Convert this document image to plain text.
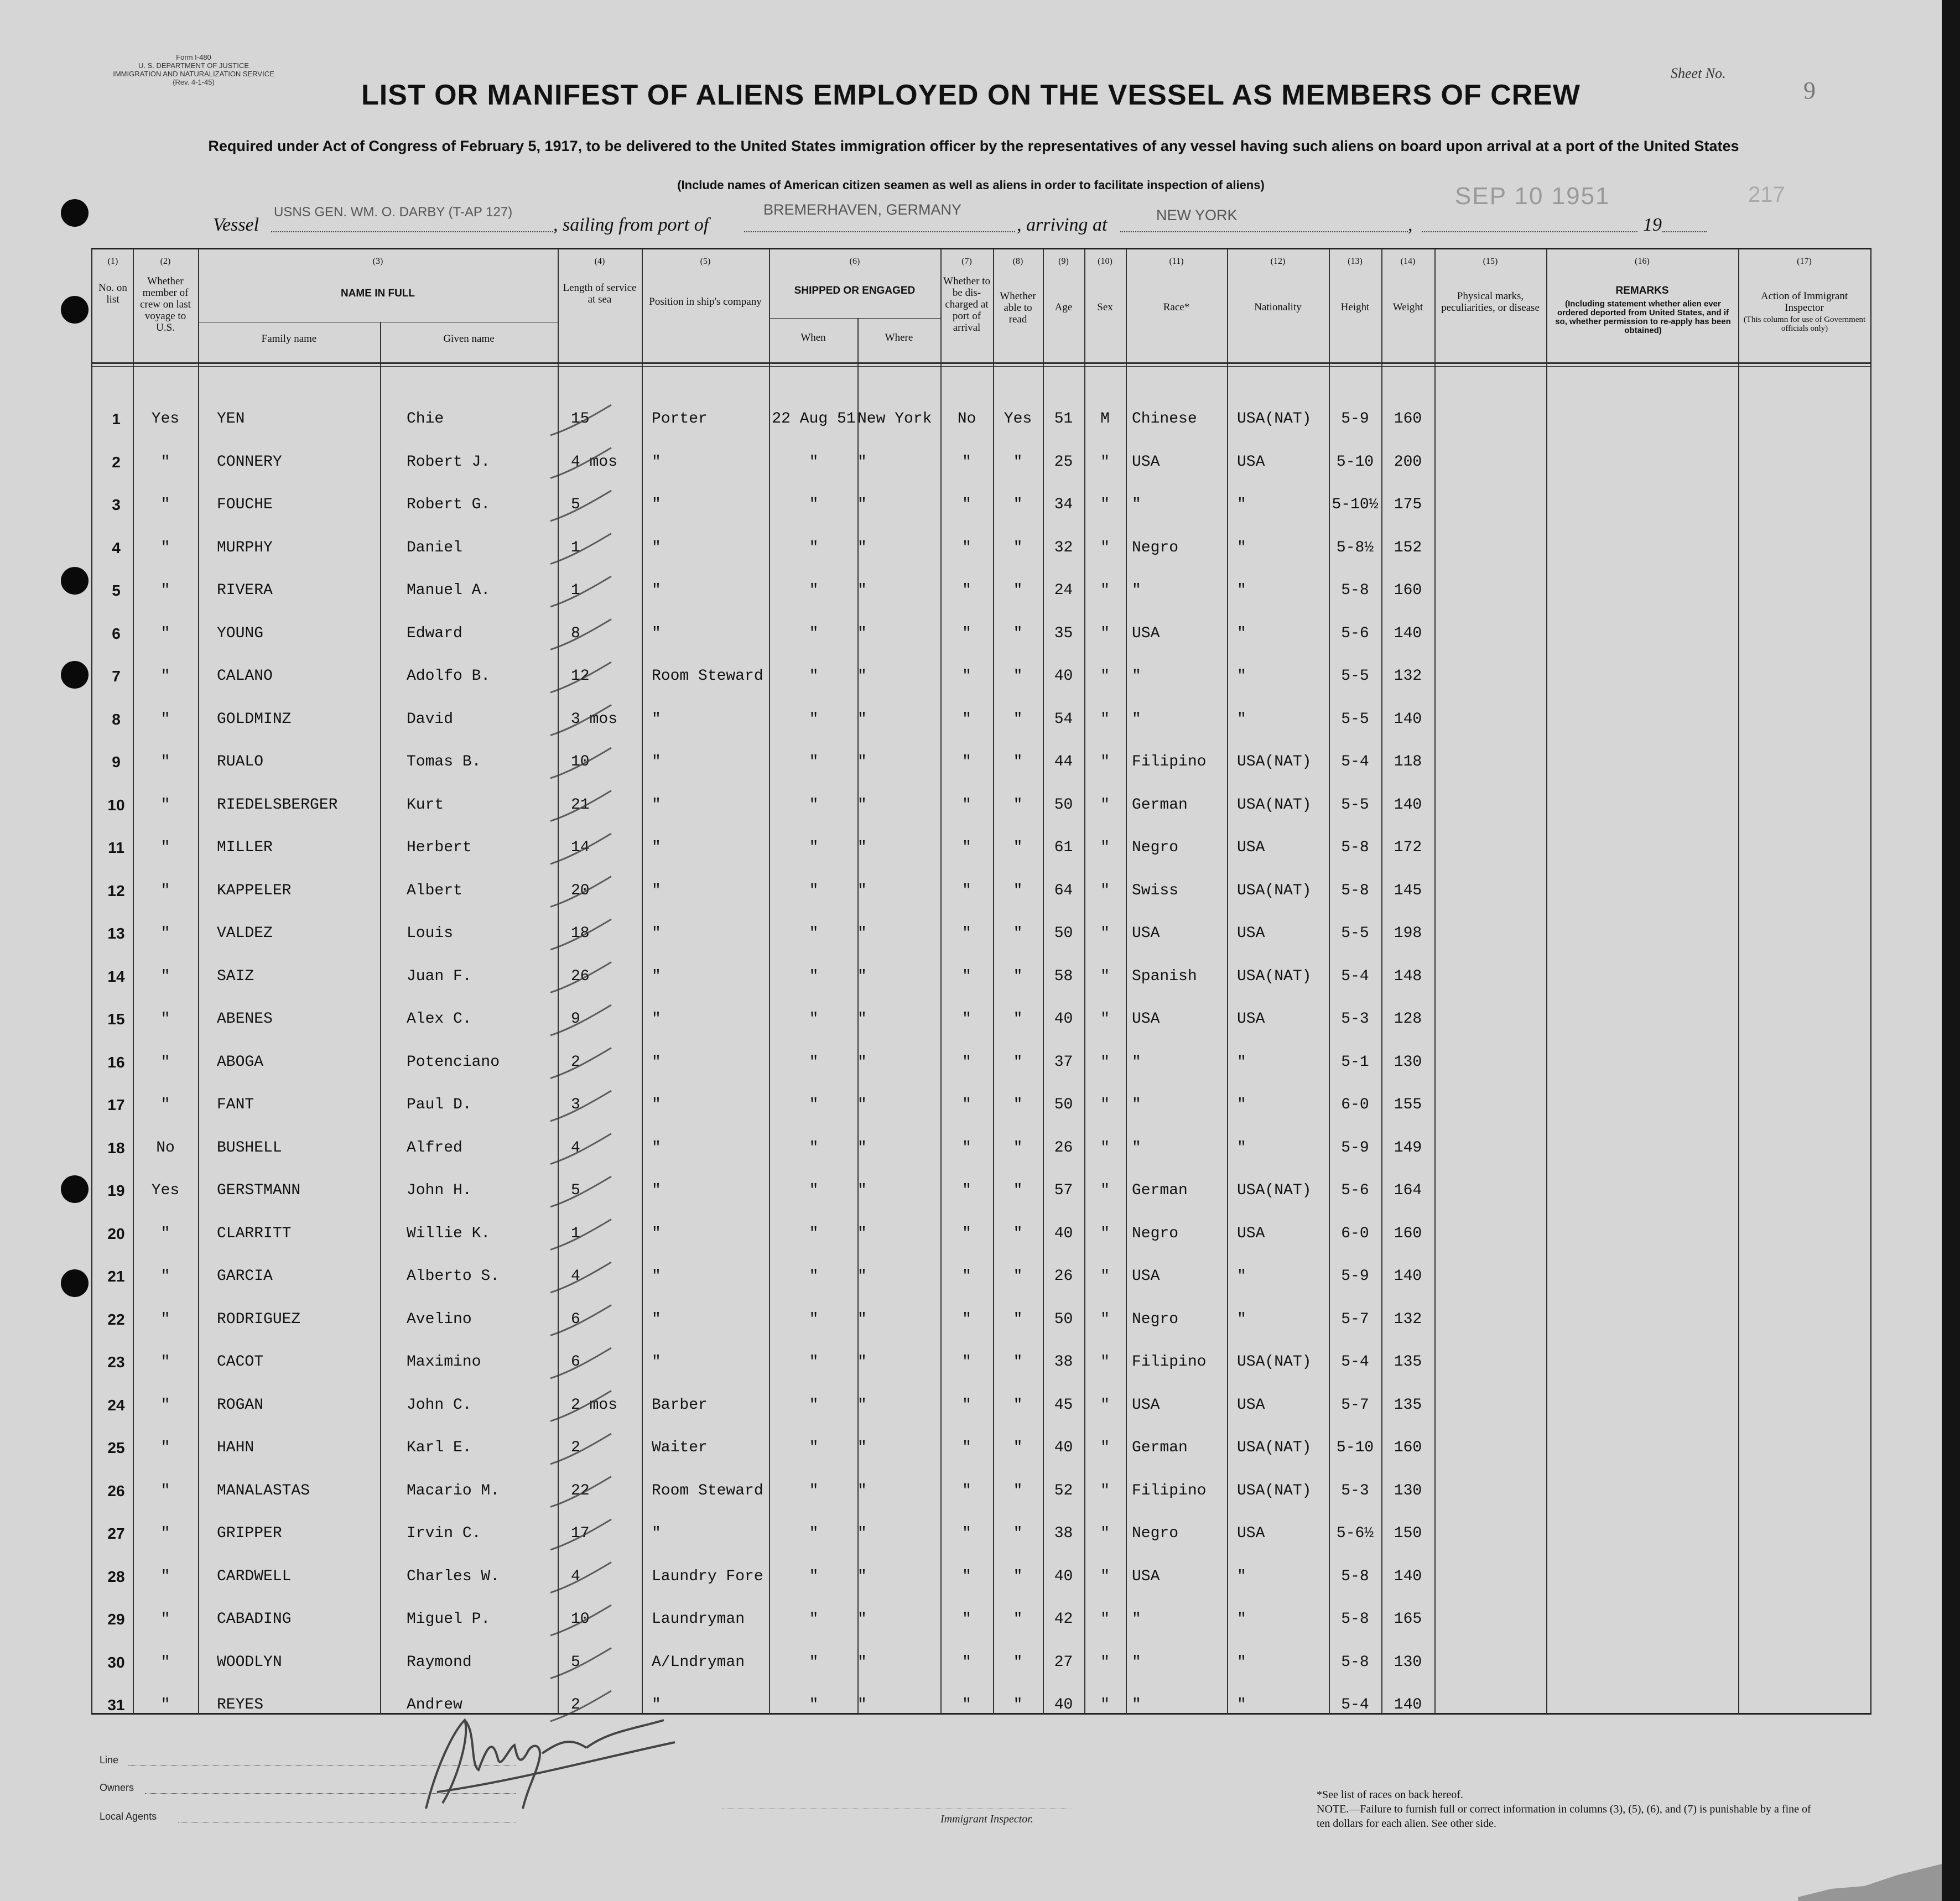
Form I-480
U. S. DEPARTMENT OF JUSTICE
IMMIGRATION AND NATURALIZATION SERVICE
(Rev. 4-1-45)
Sheet No.
9
LIST OR MANIFEST OF ALIENS EMPLOYED ON THE VESSEL AS MEMBERS OF CREW
Required under Act of Congress of February 5, 1917, to be delivered to the United States immigration officer by the representatives of any vessel having such aliens on board upon arrival at a port of the United States
(Include names of American citizen seamen as well as aliens in order to facilitate inspection of aliens)
Vessel
USNS GEN. WM. O. DARBY (T-AP 127)
, sailing from port of
BREMERHAVEN, GERMANY
, arriving at	NEW YORK	,	19
SEP 10 1951	217
(1)
No. on list
(2)
Whether member of crew on last voyage to U.S.
(3)
NAME IN FULL
(4)
Length of service at sea
(5)
Position in ship's company
(6)
SHIPPED OR ENGAGED
(7)
Whether to be dis-charged at port of arrival
(8)
Whether able to read
(9)
Age
(10)
Sex
(11)
Race*
(12)
Nationality
(13)
Height
(14)
Weight
(15)
Physical marks, peculiarities, or disease
(16)
REMARKS
(17)
Action of Immigrant Inspector
Family name	Given name	When	Where
(Including statement whether alien ever ordered deported from United States, and if so, whether permission to re-apply has been obtained)
(This column for use of Government officials only)
1	Yes	YEN	Chie	15	Porter	22 Aug 51 New York	No	Yes	51	M	Chinese	USA(NAT)	5-9	160
2	"	CONNERY	Robert J.	4 mos	"	"	"	"	"	25	"	USA	USA	5-10	200
3	"	FOUCHE	Robert G.	5	"	"	"	"	"	34	"	"	"	5-10½	175
4	"	MURPHY	Daniel	1	"	"	"	"	"	32	"	Negro	"	5-8½	152
5	"	RIVERA	Manuel A.	1	"	"	"	"	"	24	"	"	"	5-8	160
6	"	YOUNG	Edward	8	"	"	"	"	"	35	"	USA	"	5-6	140
7	"	CALANO	Adolfo B.	12	Room Steward	"	"	"	"	40	"	"	"	5-5	132
8	"	GOLDMINZ	David	3 mos	"	"	"	"	"	54	"	"	"	5-5	140
9	"	RUALO	Tomas B.	10	"	"	"	"	"	44	"	Filipino	USA(NAT)	5-4	118
10	"	RIEDELSBERGER	Kurt	21	"	"	"	"	"	50	"	German	USA(NAT)	5-5	140
11	"	MILLER	Herbert	14	"	"	"	"	"	61	"	Negro	USA	5-8	172
12	"	KAPPELER	Albert	20	"	"	"	"	"	64	"	Swiss	USA(NAT)	5-8	145
13	"	VALDEZ	Louis	18	"	"	"	"	"	50	"	USA	USA	5-5	198
14	"	SAIZ	Juan F.	26	"	"	"	"	"	58	"	Spanish	USA(NAT)	5-4	148
15	"	ABENES	Alex C.	9	"	"	"	"	"	40	"	USA	USA	5-3	128
16	"	ABOGA	Potenciano	2	"	"	"	"	"	37	"	"	"	5-1	130
17	"	FANT	Paul D.	3	"	"	"	"	"	50	"	"	"	6-0	155
18	No	BUSHELL	Alfred	4	"	"	"	"	"	26	"	"	"	5-9	149
19	Yes	GERSTMANN	John H.	5	"	"	"	"	"	57	"	German	USA(NAT)	5-6	164
20	"	CLARRITT	Willie K.	1	"	"	"	"	"	40	"	Negro	USA	6-0	160
21	"	GARCIA	Alberto S.	4	"	"	"	"	"	26	"	USA	"	5-9	140
22	"	RODRIGUEZ	Avelino	6	"	"	"	"	"	50	"	Negro	"	5-7	132
23	"	CACOT	Maximino	6	"	"	"	"	"	38	"	Filipino	USA(NAT)	5-4	135
24	"	ROGAN	John C.	2 mos	Barber	"	"	"	"	45	"	USA	USA	5-7	135
25	"	HAHN	Karl E.	2	Waiter	"	"	"	"	40	"	German	USA(NAT)	5-10	160
26	"	MANALASTAS	Macario M.	22	Room Steward	"	"	"	"	52	"	Filipino	USA(NAT)	5-3	130
27	"	GRIPPER	Irvin C.	17	"	"	"	"	"	38	"	Negro	USA	5-6½	150
28	"	CARDWELL	Charles W.	4	Laundry Fore	"	"	"	"	40	"	USA	"	5-8	140
29	"	CABADING	Miguel P.	10	Laundryman	"	"	"	"	42	"	"	"	5-8	165
30	"	WOODLYN	Raymond	5	A/Lndryman	"	"	"	"	27	"	"	"	5-8	130
31	"	REYES	Andrew	2	"	"	"	"	"	40	"	"	"	5-4	140
Line
Owners
Local Agents	Immigrant Inspector.
*See list of races on back hereof.
NOTE.—Failure to furnish full or correct information in columns (3), (5), (6), and (7) is punishable by a fine of ten dollars for each alien. See other side.
